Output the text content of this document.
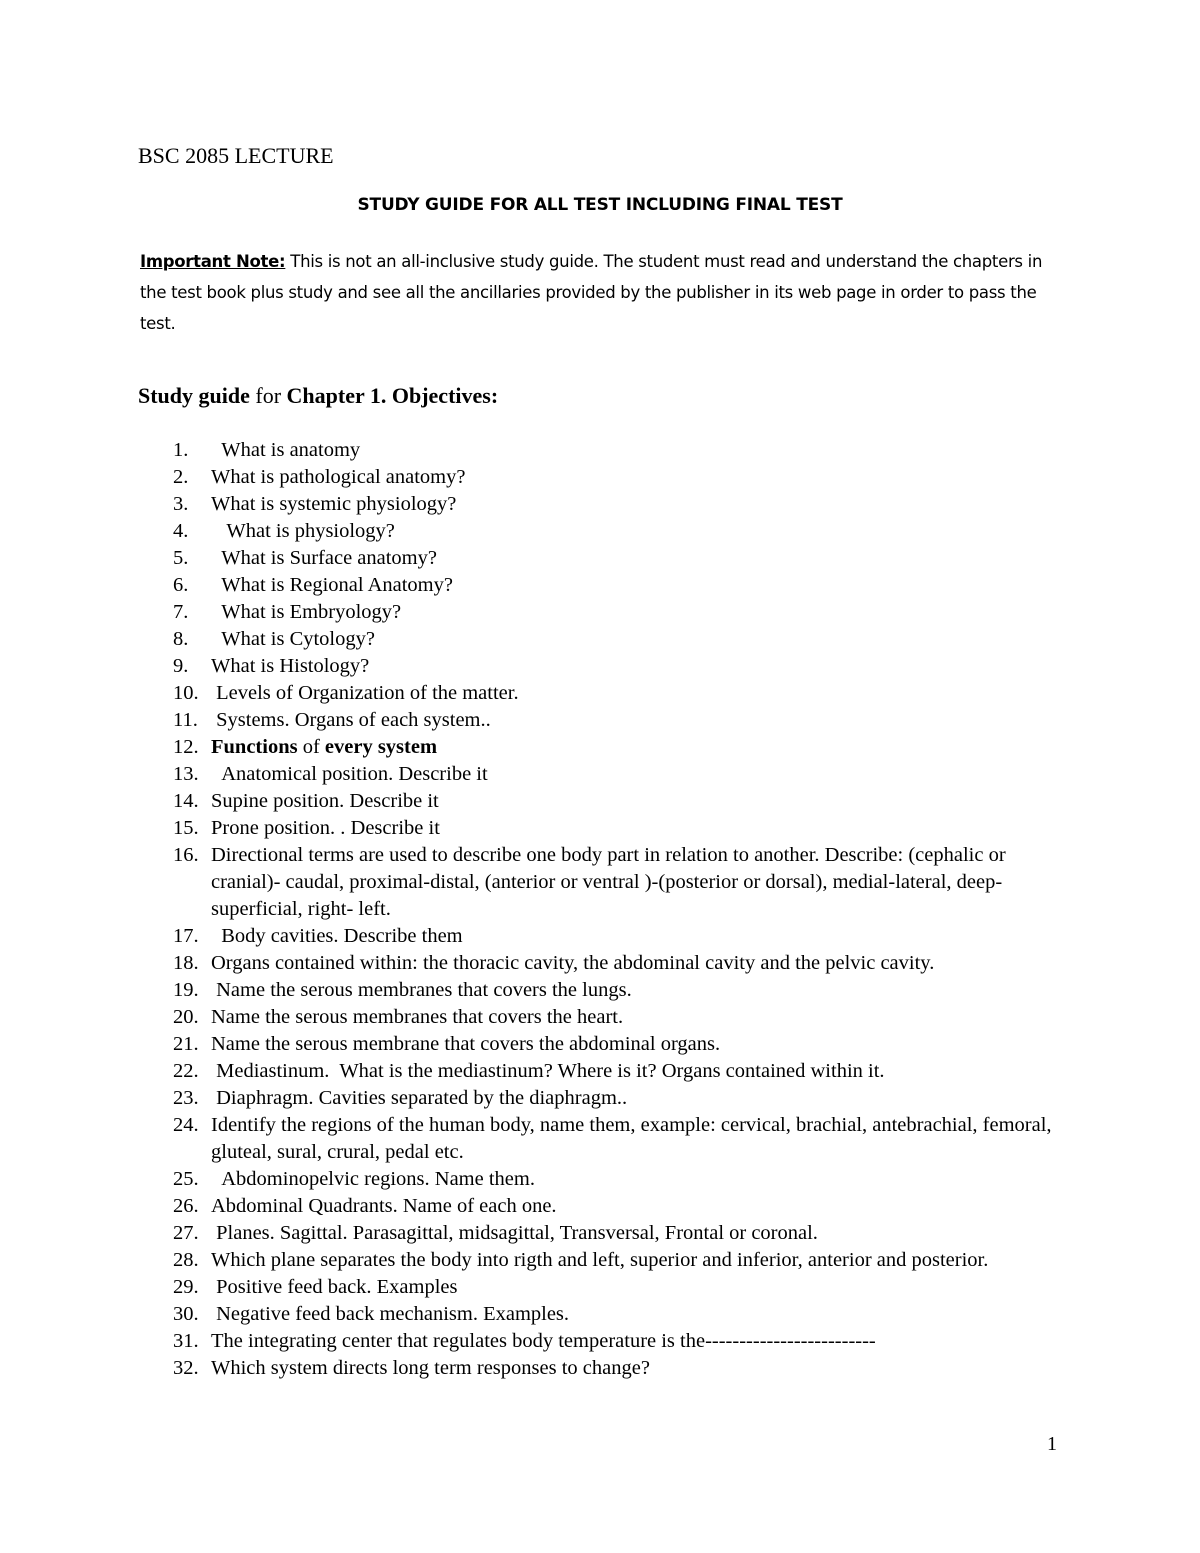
BSC 2085 LECTURE
STUDY GUIDE FOR ALL TEST INCLUDING FINAL TEST

Important Note: This is not an all-inclusive study guide. The student must read and understand the chapters in the test book plus study and see all the ancillaries provided by the publisher in its web page in order to pass the test.

Study guide for Chapter 1. Objectives:
1.	What is anatomy
2.	What is pathological anatomy?
3.	What is systemic physiology?
4.	What is physiology?
5.	What is Surface anatomy?
6.	What is Regional Anatomy?
7.	What is Embryology?
8.	What is Cytology?
9.	What is Histology?
10. Levels of Organization of the matter.
11. Systems. Organs of each system..
12. Functions of every system
13. Anatomical position. Describe it
14. Supine position. Describe it
15. Prone position. . Describe it
16. Directional terms are used to describe one body part in relation to another. Describe: (cephalic or cranial)- caudal, proximal-distal, (anterior or ventral )-(posterior or dorsal), medial-lateral, deep-superficial, right- left.
17. Body cavities. Describe them
18. Organs contained within: the thoracic cavity, the abdominal cavity and the pelvic cavity.
19. Name the serous membranes that covers the lungs.
20. Name the serous membranes that covers the heart.
21. Name the serous membrane that covers the abdominal organs.
22. Mediastinum.  What is the mediastinum? Where is it? Organs contained within it.
23. Diaphragm. Cavities separated by the diaphragm..
24. Identify the regions of the human body, name them, example: cervical, brachial, antebrachial, femoral, gluteal, sural, crural, pedal etc.
25. Abdominopelvic regions. Name them.
26. Abdominal Quadrants. Name of each one.
27. Planes. Sagittal. Parasagittal, midsagittal, Transversal, Frontal or coronal.
28. Which plane separates the body into rigth and left, superior and inferior, anterior and posterior.
29. Positive feed back. Examples
30. Negative feed back mechanism. Examples.
31. The integrating center that regulates body temperature is the-------------------------
32. Which system directs long term responses to change?

1
